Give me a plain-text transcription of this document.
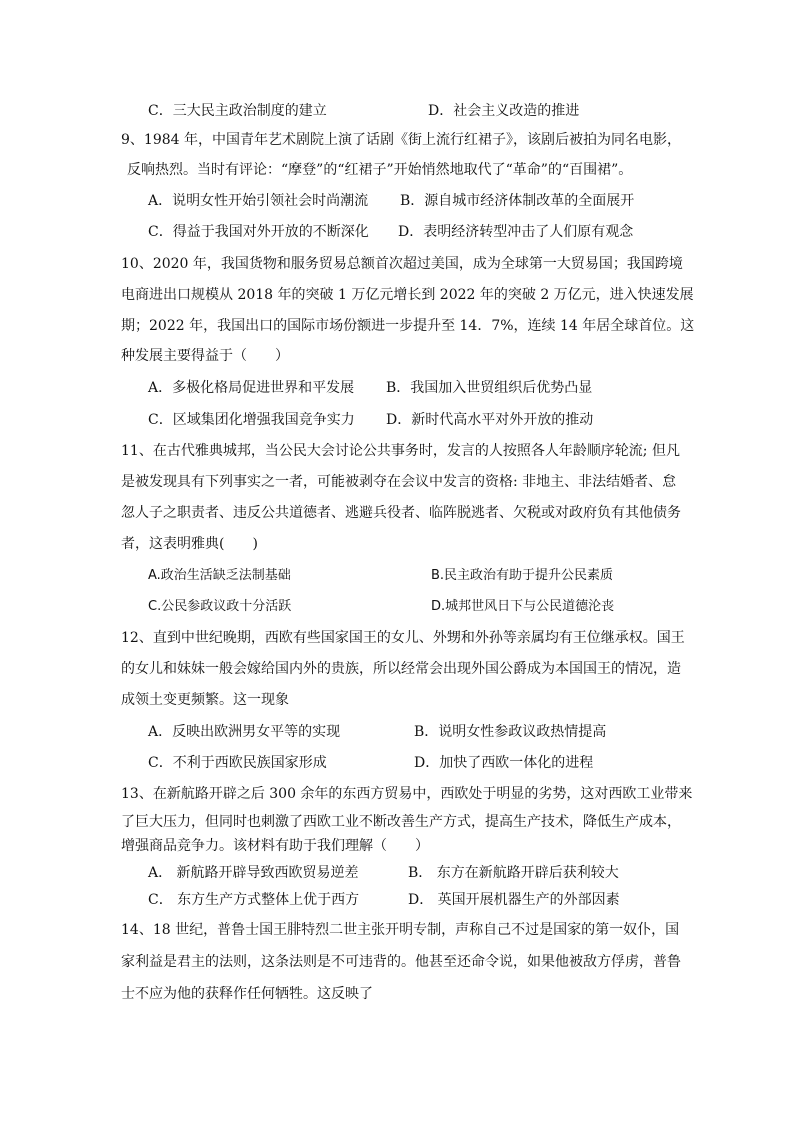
C．三大民主政治制度的建立	D．社会主义改造的推进
9、1984 年，中国青年艺术剧院上演了话剧《街上流行红裙子》，该剧后被拍为同名电影，
反响热烈。当时有评论：“摩登”的“红裙子”开始悄然地取代了“革命”的“百围裙”。
A．说明女性开始引领社会时尚潮流 B．源自城市经济体制改革的全面展开
C．得益于我国对外开放的不断深化 D．表明经济转型冲击了人们原有观念
10、2020 年，我国货物和服务贸易总额首次超过美国，成为全球第一大贸易国；我国跨境
电商进出口规模从 2018 年的突破 1 万亿元增长到 2022 年的突破 2 万亿元，进入快速发展
期；2022 年，我国出口的国际市场份额进一步提升至 14．7%，连续 14 年居全球首位。这
种发展主要得益于（　　）
A．多极化格局促进世界和平发展 B．我国加入世贸组织后优势凸显
C．区域集团化增强我国竞争实力 D．新时代高水平对外开放的推动
11、在古代雅典城邦，当公民大会讨论公共事务时，发言的人按照各人年龄顺序轮流; 但凡
是被发现具有下列事实之一者，可能被剥夺在会议中发言的资格: 非地主、非法结婚者、怠
忽人子之职责者、违反公共道德者、逃避兵役者、临阵脱逃者、欠税或对政府负有其他债务
者，这表明雅典(　　)
A.政治生活缺乏法制基础	B.民主政治有助于提升公民素质
C.公民参政议政十分活跃	D.城邦世风日下与公民道德沦丧
12、直到中世纪晚期，西欧有些国家国王的女儿、外甥和外孙等亲属均有王位继承权。国王
的女儿和妹妹一般会嫁给国内外的贵族，所以经常会出现外国公爵成为本国国王的情况，造
成领土变更频繁。这一现象
A．反映出欧洲男女平等的实现	B．说明女性参政议政热情提高
C．不利于西欧民族国家形成	D．加快了西欧一体化的进程
13、在新航路开辟之后 300 余年的东西方贸易中，西欧处于明显的劣势，这对西欧工业带来
了巨大压力，但同时也刺激了西欧工业不断改善生产方式，提高生产技术，降低生产成本，
增强商品竞争力。该材料有助于我们理解（　　）
A． 新航路开辟导致西欧贸易逆差	B． 东方在新航路开辟后获利较大
C． 东方生产方式整体上优于西方	D． 英国开展机器生产的外部因素
14、18 世纪，普鲁士国王腓特烈二世主张开明专制，声称自己不过是国家的第一奴仆，国
家利益是君主的法则，这条法则是不可违背的。他甚至还命令说，如果他被敌方俘虏，普鲁
士不应为他的获释作任何牺牲。这反映了
